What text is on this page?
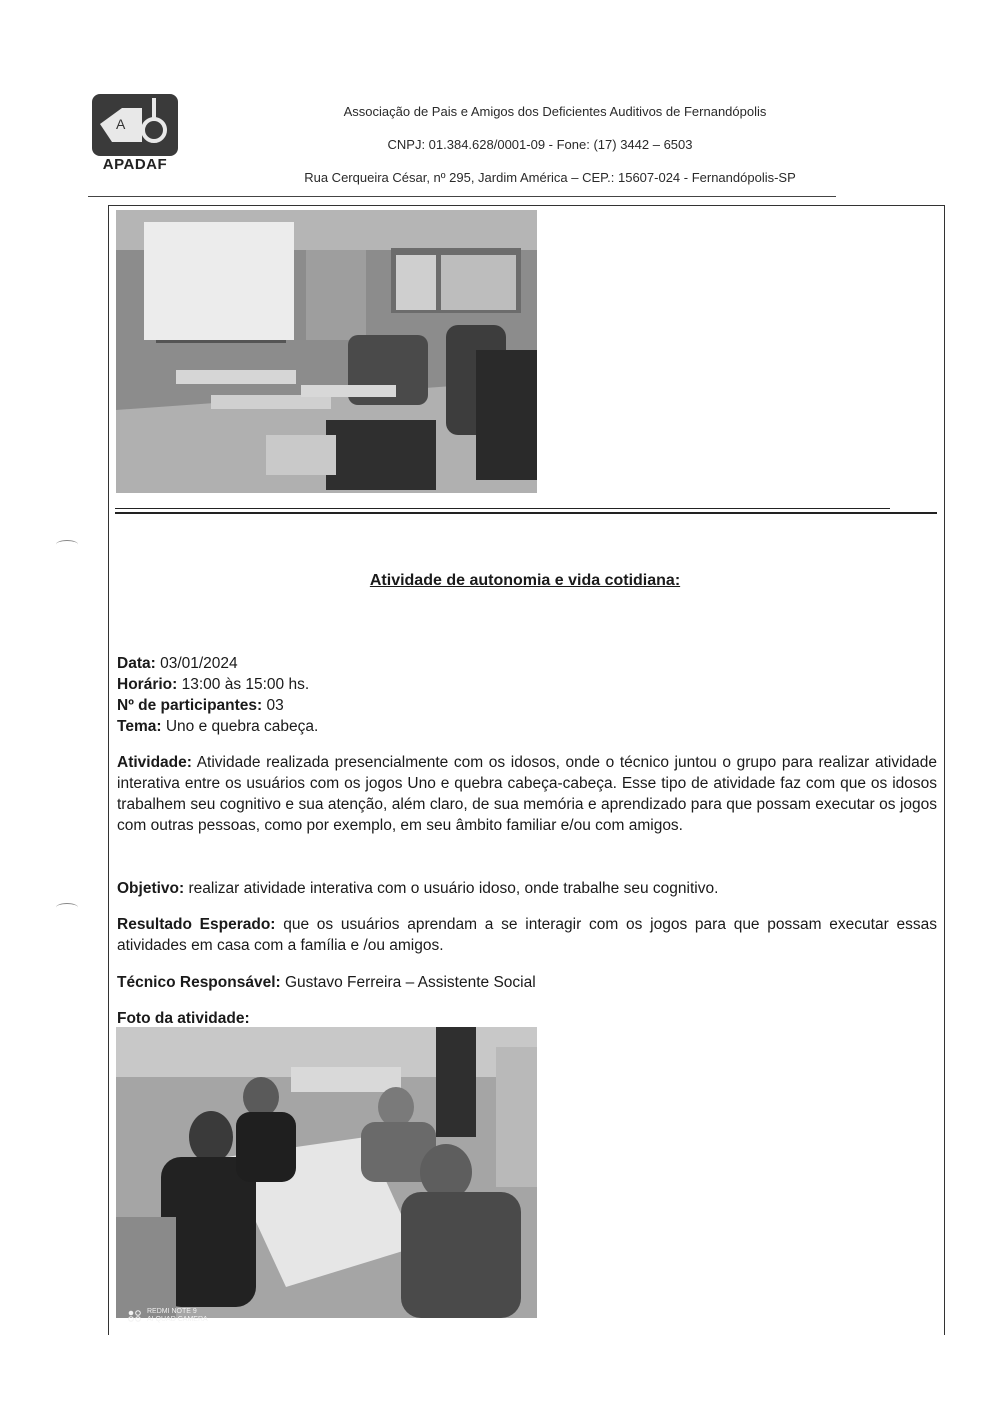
A
APADAF
Associação de Pais e Amigos dos Deficientes Auditivos de Fernandópolis
CNPJ: 01.384.628/0001-09 - Fone: (17) 3442 – 6503
Rua Cerqueira César, nº 295, Jardim América – CEP.: 15607-024 - Fernandópolis-SP
Atividade de autonomia e vida cotidiana:
Data: 03/01/2024
Horário: 13:00 às 15:00 hs.
Nº de participantes: 03
Tema: Uno e quebra cabeça.
Atividade: Atividade realizada presencialmente com os idosos, onde o técnico juntou o grupo para realizar atividade interativa entre os usuários com os jogos Uno e quebra cabeça-cabeça. Esse tipo de atividade faz com que os idosos trabalhem seu cognitivo e sua atenção, além claro, de sua memória e aprendizado para que possam executar os jogos com outras pessoas, como por exemplo, em seu âmbito familiar e/ou com amigos.
Objetivo: realizar atividade interativa com o usuário idoso, onde trabalhe seu cognitivo.
Resultado Esperado: que os usuários aprendam a se interagir com os jogos para que possam executar essas atividades em casa com a família e /ou amigos.
Técnico Responsável: Gustavo Ferreira – Assistente Social
Foto da atividade:
REDMI NOTE 9
AI QUAD CAMERA
